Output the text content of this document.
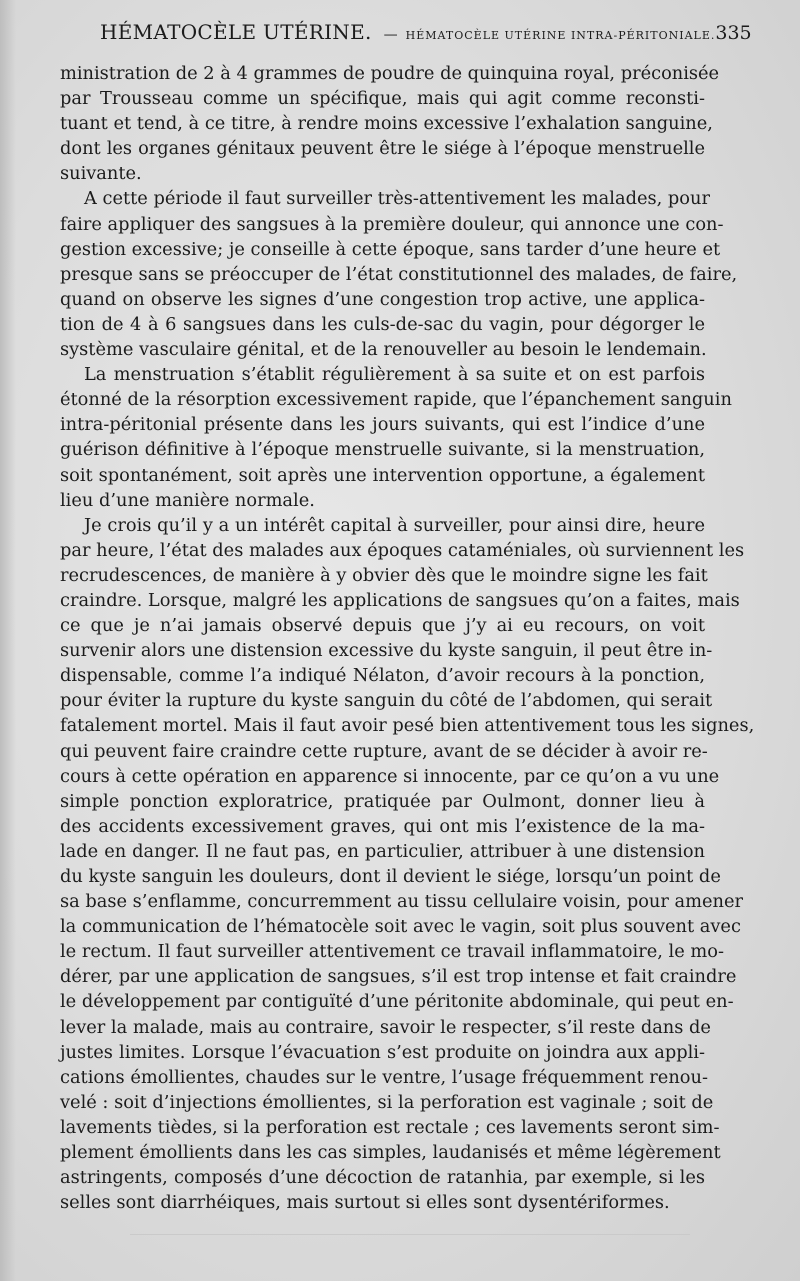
HÉMATOCÈLE UTÉRINE. — HÉMATOCÈLE UTÉRINE INTRA-PÉRITONIALE. 335
ministration de 2 à 4 grammes de poudre de quinquina royal, préconisée
par Trousseau comme un spécifique, mais qui agit comme reconsti-
tuant et tend, à ce titre, à rendre moins excessive l’exhalation sanguine,
dont les organes génitaux peuvent être le siége à l’époque menstruelle
suivante.
A cette période il faut surveiller très-attentivement les malades, pour
faire appliquer des sangsues à la première douleur, qui annonce une con-
gestion excessive; je conseille à cette époque, sans tarder d’une heure et
presque sans se préoccuper de l’état constitutionnel des malades, de faire,
quand on observe les signes d’une congestion trop active, une applica-
tion de 4 à 6 sangsues dans les culs-de-sac du vagin, pour dégorger le
système vasculaire génital, et de la renouveller au besoin le lendemain.
La menstruation s’établit régulièrement à sa suite et on est parfois
étonné de la résorption excessivement rapide, que l’épanchement sanguin
intra-péritonial présente dans les jours suivants, qui est l’indice d’une
guérison définitive à l’époque menstruelle suivante, si la menstruation,
soit spontanément, soit après une intervention opportune, a également
lieu d’une manière normale.
Je crois qu’il y a un intérêt capital à surveiller, pour ainsi dire, heure
par heure, l’état des malades aux époques cataméniales, où surviennent les
recrudescences, de manière à y obvier dès que le moindre signe les fait
craindre. Lorsque, malgré les applications de sangsues qu’on a faites, mais
ce que je n’ai jamais observé depuis que j’y ai eu recours, on voit
survenir alors une distension excessive du kyste sanguin, il peut être in-
dispensable, comme l’a indiqué Nélaton, d’avoir recours à la ponction,
pour éviter la rupture du kyste sanguin du côté de l’abdomen, qui serait
fatalement mortel. Mais il faut avoir pesé bien attentivement tous les signes,
qui peuvent faire craindre cette rupture, avant de se décider à avoir re-
cours à cette opération en apparence si innocente, par ce qu’on a vu une
simple ponction exploratrice, pratiquée par Oulmont, donner lieu à
des accidents excessivement graves, qui ont mis l’existence de la ma-
lade en danger. Il ne faut pas, en particulier, attribuer à une distension
du kyste sanguin les douleurs, dont il devient le siége, lorsqu’un point de
sa base s’enflamme, concurremment au tissu cellulaire voisin, pour amener
la communication de l’hématocèle soit avec le vagin, soit plus souvent avec
le rectum. Il faut surveiller attentivement ce travail inflammatoire, le mo-
dérer, par une application de sangsues, s’il est trop intense et fait craindre
le développement par contiguïté d’une péritonite abdominale, qui peut en-
lever la malade, mais au contraire, savoir le respecter, s’il reste dans de
justes limites. Lorsque l’évacuation s’est produite on joindra aux appli-
cations émollientes, chaudes sur le ventre, l’usage fréquemment renou-
velé : soit d’injections émollientes, si la perforation est vaginale ; soit de
lavements tièdes, si la perforation est rectale ; ces lavements seront sim-
plement émollients dans les cas simples, laudanisés et même légèrement
astringents, composés d’une décoction de ratanhia, par exemple, si les
selles sont diarrhéiques, mais surtout si elles sont dysentériformes.
